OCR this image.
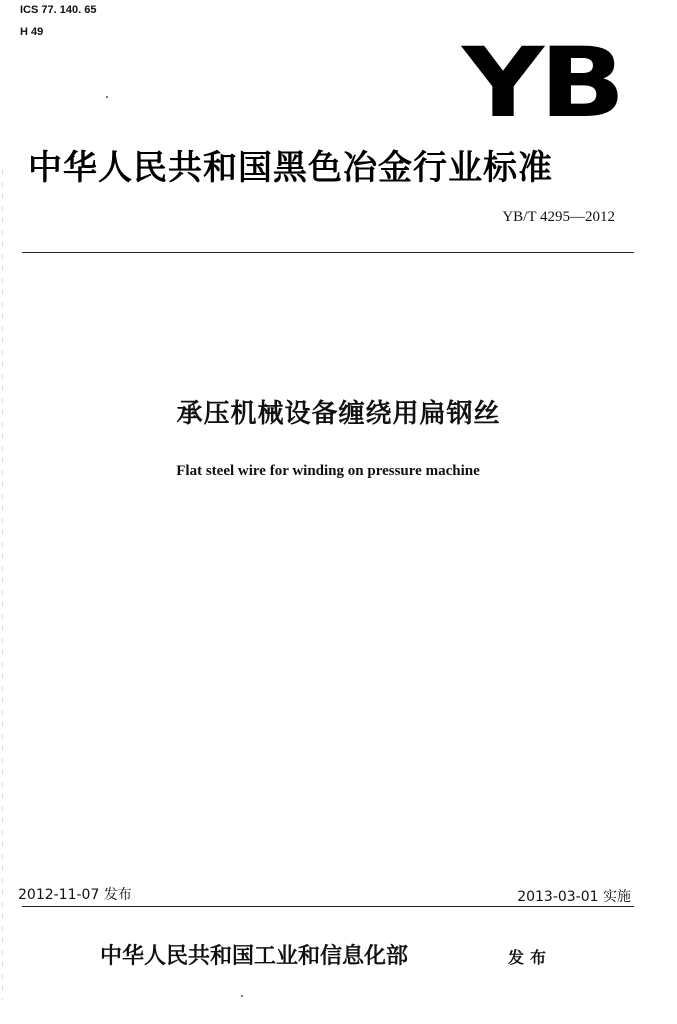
ICS 77. 140. 65
H 49	YB
中华人民共和国黑色冶金行业标准
YB/T 4295—2012
承压机械设备缠绕用扁钢丝
Flat steel wire for winding on pressure machine
2012-11-07 发布	2013-03-01 实施
中华人民共和国工业和信息化部	发布
